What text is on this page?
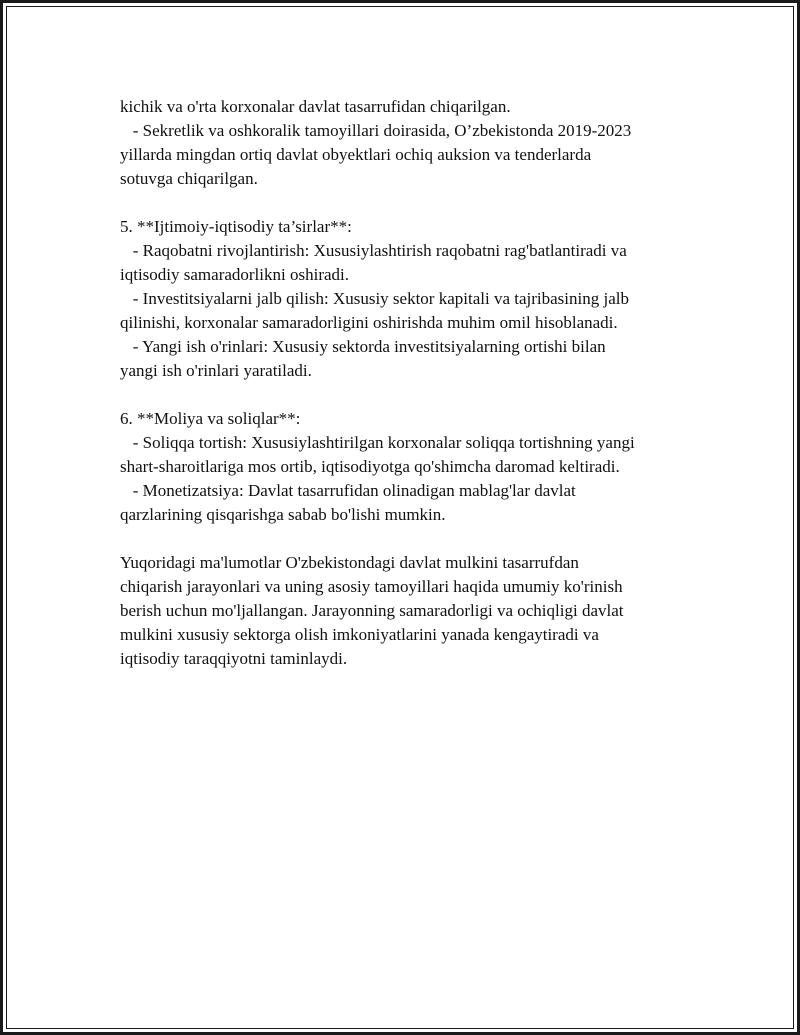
kichik va o'rta korxonalar davlat tasarrufidan chiqarilgan.
- Sekretlik va oshkoralik tamoyillari doirasida, O’zbekistonda 2019-2023
yillarda mingdan ortiq davlat obyektlari ochiq auksion va tenderlarda
sotuvga chiqarilgan.
5. **Ijtimoiy-iqtisodiy ta’sirlar**:
- Raqobatni rivojlantirish: Xususiylashtirish raqobatni rag'batlantiradi va
iqtisodiy samaradorlikni oshiradi.
- Investitsiyalarni jalb qilish: Xususiy sektor kapitali va tajribasining jalb
qilinishi, korxonalar samaradorligini oshirishda muhim omil hisoblanadi.
- Yangi ish o'rinlari: Xususiy sektorda investitsiyalarning ortishi bilan
yangi ish o'rinlari yaratiladi.
6. **Moliya va soliqlar**:
- Soliqqa tortish: Xususiylashtirilgan korxonalar soliqqa tortishning yangi
shart-sharoitlariga mos ortib, iqtisodiyotga qo'shimcha daromad keltiradi.
- Monetizatsiya: Davlat tasarrufidan olinadigan mablag'lar davlat
qarzlarining qisqarishga sabab bo'lishi mumkin.
Yuqoridagi ma'lumotlar O'zbekistondagi davlat mulkini tasarrufdan
chiqarish jarayonlari va uning asosiy tamoyillari haqida umumiy ko'rinish
berish uchun mo'ljallangan. Jarayonning samaradorligi va ochiqligi davlat
mulkini xususiy sektorga olish imkoniyatlarini yanada kengaytiradi va
iqtisodiy taraqqiyotni taminlaydi.
